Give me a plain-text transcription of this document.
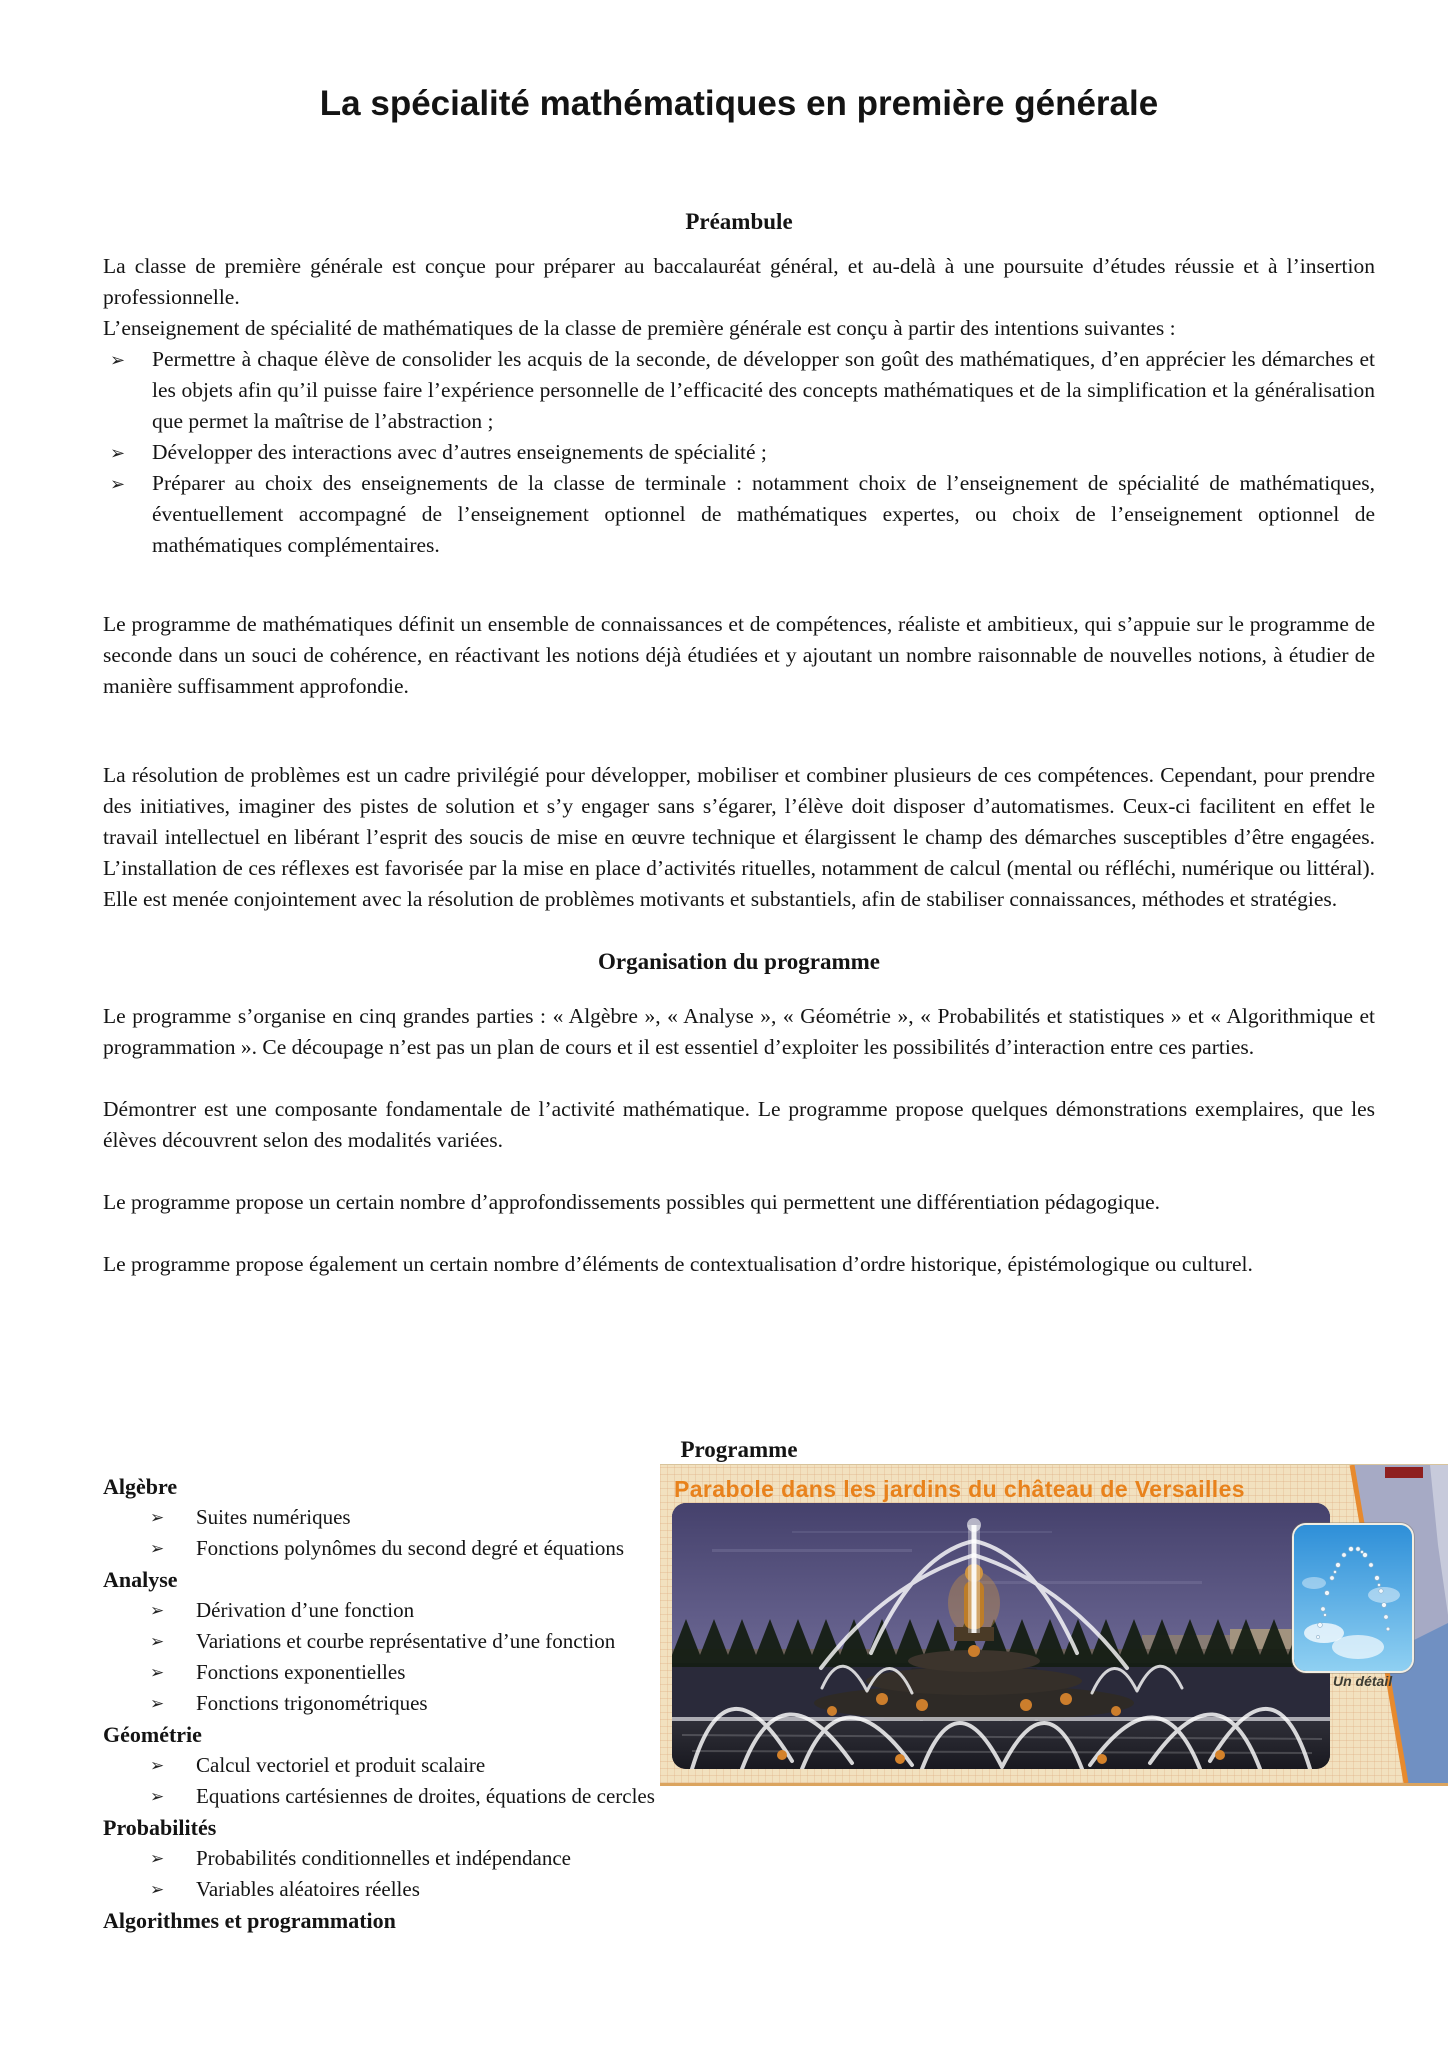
La spécialité mathématiques en première générale
Préambule

La classe de première générale est conçue pour préparer au baccalauréat général, et au-delà à une poursuite d’études réussie et à l’insertion professionnelle.

L’enseignement de spécialité de mathématiques de la classe de première générale est conçu à partir des intentions suivantes :

➢ Permettre à chaque élève de consolider les acquis de la seconde, de développer son goût des mathématiques, d’en apprécier les démarches et les objets afin qu’il puisse faire l’expérience personnelle de l’efficacité des concepts mathématiques et de la simplification et la généralisation que permet la maîtrise de l’abstraction ;
➢ Développer des interactions avec d’autres enseignements de spécialité ;
➢ Préparer au choix des enseignements de la classe de terminale : notamment choix de l’enseignement de spécialité de mathématiques, éventuellement accompagné de l’enseignement optionnel de mathématiques expertes, ou choix de l’enseignement optionnel de mathématiques complémentaires.

Le programme de mathématiques définit un ensemble de connaissances et de compétences, réaliste et ambitieux, qui s’appuie sur le programme de seconde dans un souci de cohérence, en réactivant les notions déjà étudiées et y ajoutant un nombre raisonnable de nouvelles notions, à étudier de manière suffisamment approfondie.

La résolution de problèmes est un cadre privilégié pour développer, mobiliser et combiner plusieurs de ces compétences. Cependant, pour prendre des initiatives, imaginer des pistes de solution et s’y engager sans s’égarer, l’élève doit disposer d’automatismes. Ceux-ci facilitent en effet le travail intellectuel en libérant l’esprit des soucis de mise en œuvre technique et élargissent le champ des démarches susceptibles d’être engagées. L’installation de ces réflexes est favorisée par la mise en place d’activités rituelles, notamment de calcul (mental ou réfléchi, numérique ou littéral). Elle est menée conjointement avec la résolution de problèmes motivants et substantiels, afin de stabiliser connaissances, méthodes et stratégies.

Organisation du programme

Le programme s’organise en cinq grandes parties : « Algèbre », « Analyse », « Géométrie », « Probabilités et statistiques » et « Algorithmique et programmation ». Ce découpage n’est pas un plan de cours et il est essentiel d’exploiter les possibilités d’interaction entre ces parties.

Démontrer est une composante fondamentale de l’activité mathématique. Le programme propose quelques démonstrations exemplaires, que les élèves découvrent selon des modalités variées.

Le programme propose un certain nombre d’approfondissements possibles qui permettent une différentiation pédagogique.

Le programme propose également un certain nombre d’éléments de contextualisation d’ordre historique, épistémologique ou culturel.

Programme
Algèbre
➢ Suites numériques
➢ Fonctions polynômes du second degré et équations
Analyse
➢ Dérivation d’une fonction
➢ Variations et courbe représentative d’une fonction
➢ Fonctions exponentielles
➢ Fonctions trigonométriques
Géométrie
➢ Calcul vectoriel et produit scalaire
➢ Equations cartésiennes de droites, équations de cercles
Probabilités
➢ Probabilités conditionnelles et indépendance
➢ Variables aléatoires réelles
Algorithmes et programmation
Parabole dans les jardins du château de Versailles
Un détail
